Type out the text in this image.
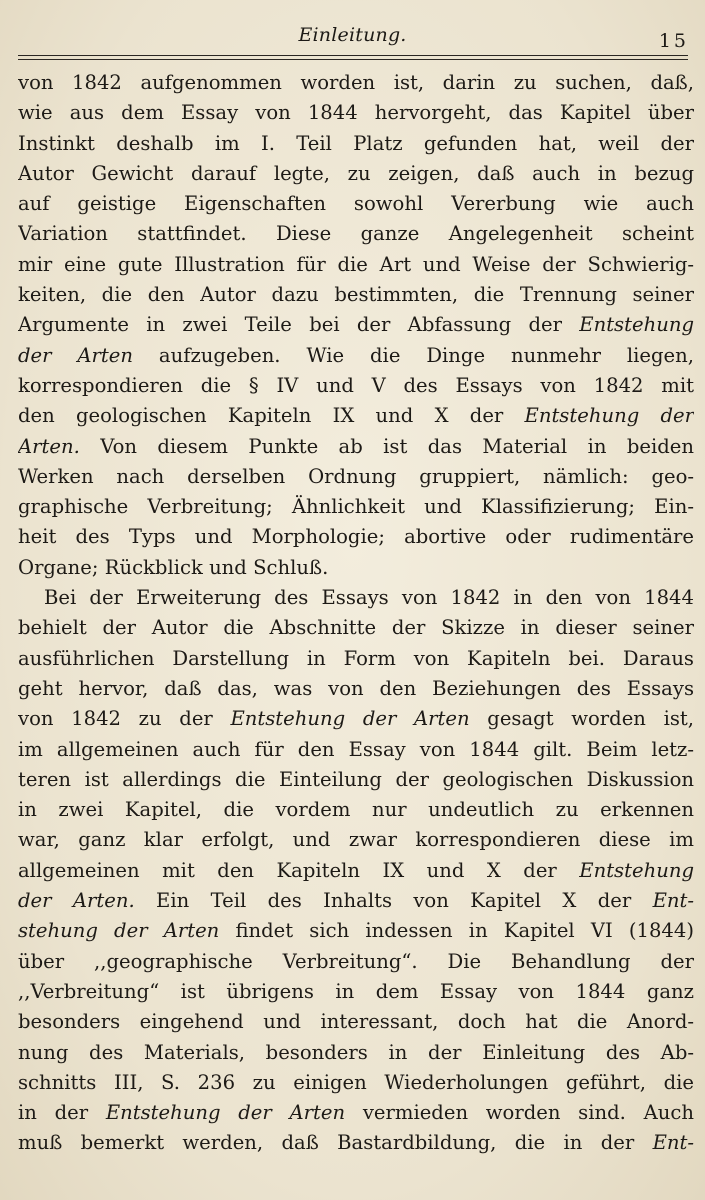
Einleitung.	15
von 1842 aufgenommen worden ist, darin zu suchen, daß,
wie aus dem Essay von 1844 hervorgeht, das Kapitel über
Instinkt deshalb im I. Teil Platz gefunden hat, weil der
Autor Gewicht darauf legte, zu zeigen, daß auch in bezug
auf geistige Eigenschaften sowohl Vererbung wie auch
Variation stattfindet. Diese ganze Angelegenheit scheint
mir eine gute Illustration für die Art und Weise der Schwierig-
keiten, die den Autor dazu bestimmten, die Trennung seiner
Argumente in zwei Teile bei der Abfassung der Entstehung
der Arten aufzugeben. Wie die Dinge nunmehr liegen,
korrespondieren die § IV und V des Essays von 1842 mit
den geologischen Kapiteln IX und X der Entstehung der
Arten. Von diesem Punkte ab ist das Material in beiden
Werken nach derselben Ordnung gruppiert, nämlich: geo-
graphische Verbreitung; Ähnlichkeit und Klassifizierung; Ein-
heit des Typs und Morphologie; abortive oder rudimentäre
Organe; Rückblick und Schluß.
Bei der Erweiterung des Essays von 1842 in den von 1844
behielt der Autor die Abschnitte der Skizze in dieser seiner
ausführlichen Darstellung in Form von Kapiteln bei. Daraus
geht hervor, daß das, was von den Beziehungen des Essays
von 1842 zu der Entstehung der Arten gesagt worden ist,
im allgemeinen auch für den Essay von 1844 gilt. Beim letz-
teren ist allerdings die Einteilung der geologischen Diskussion
in zwei Kapitel, die vordem nur undeutlich zu erkennen
war, ganz klar erfolgt, und zwar korrespondieren diese im
allgemeinen mit den Kapiteln IX und X der Entstehung
der Arten. Ein Teil des Inhalts von Kapitel X der Ent-
stehung der Arten findet sich indessen in Kapitel VI (1844)
über ,,geographische Verbreitung“. Die Behandlung der
,,Verbreitung“ ist übrigens in dem Essay von 1844 ganz
besonders eingehend und interessant, doch hat die Anord-
nung des Materials, besonders in der Einleitung des Ab-
schnitts III, S. 236 zu einigen Wiederholungen geführt, die
in der Entstehung der Arten vermieden worden sind. Auch
muß bemerkt werden, daß Bastardbildung, die in der Ent-
